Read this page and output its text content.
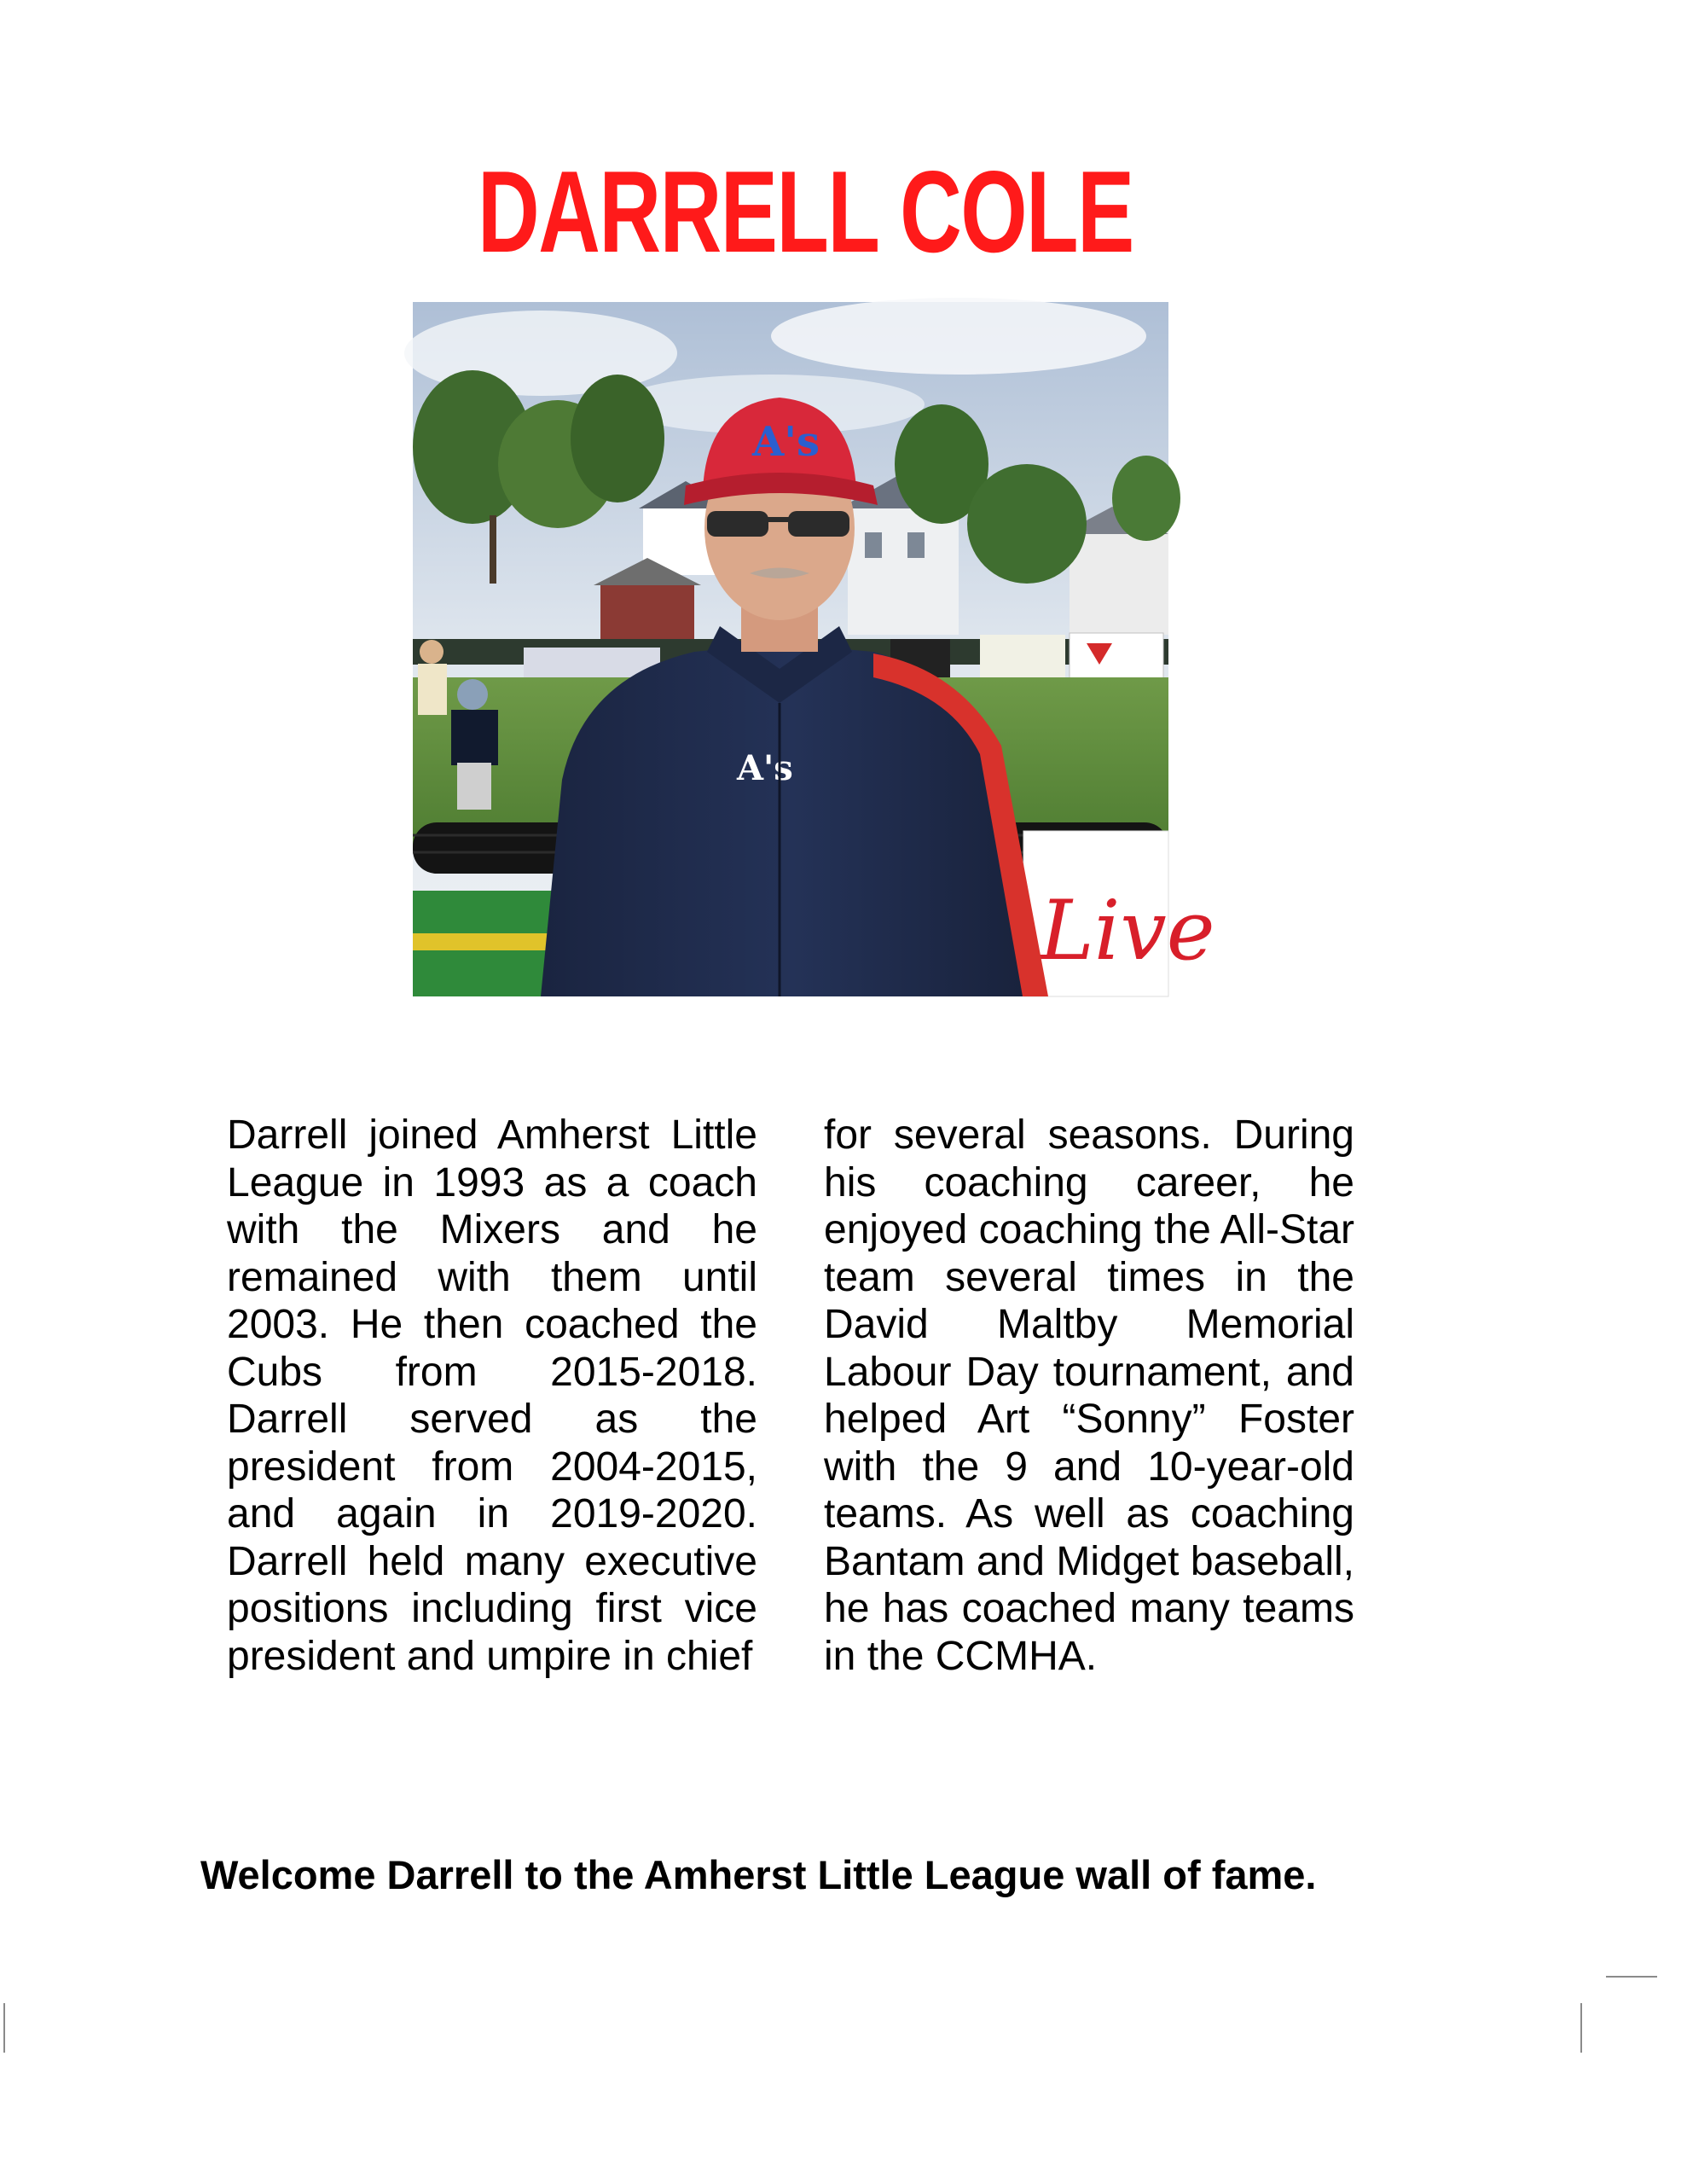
DARRELL COLE
Live
A's
A's

Darrell joined Amherst Little League in 1993 as a coach with the Mixers and he remained with them until 2003. He then coached the Cubs from 2015-2018. Darrell served as the president from 2004-2015, and again in 2019-2020. Darrell held many executive positions including first vice president and umpire in chief

for several seasons. During his coaching career, he enjoyed coaching the All-Star team several times in the David Maltby Memorial Labour Day tournament, and helped Art “Sonny” Foster with the 9 and 10-year-old teams. As well as coaching Bantam and Midget baseball, he has coached many teams in the CCMHA.

Welcome Darrell to the Amherst Little League wall of fame.
